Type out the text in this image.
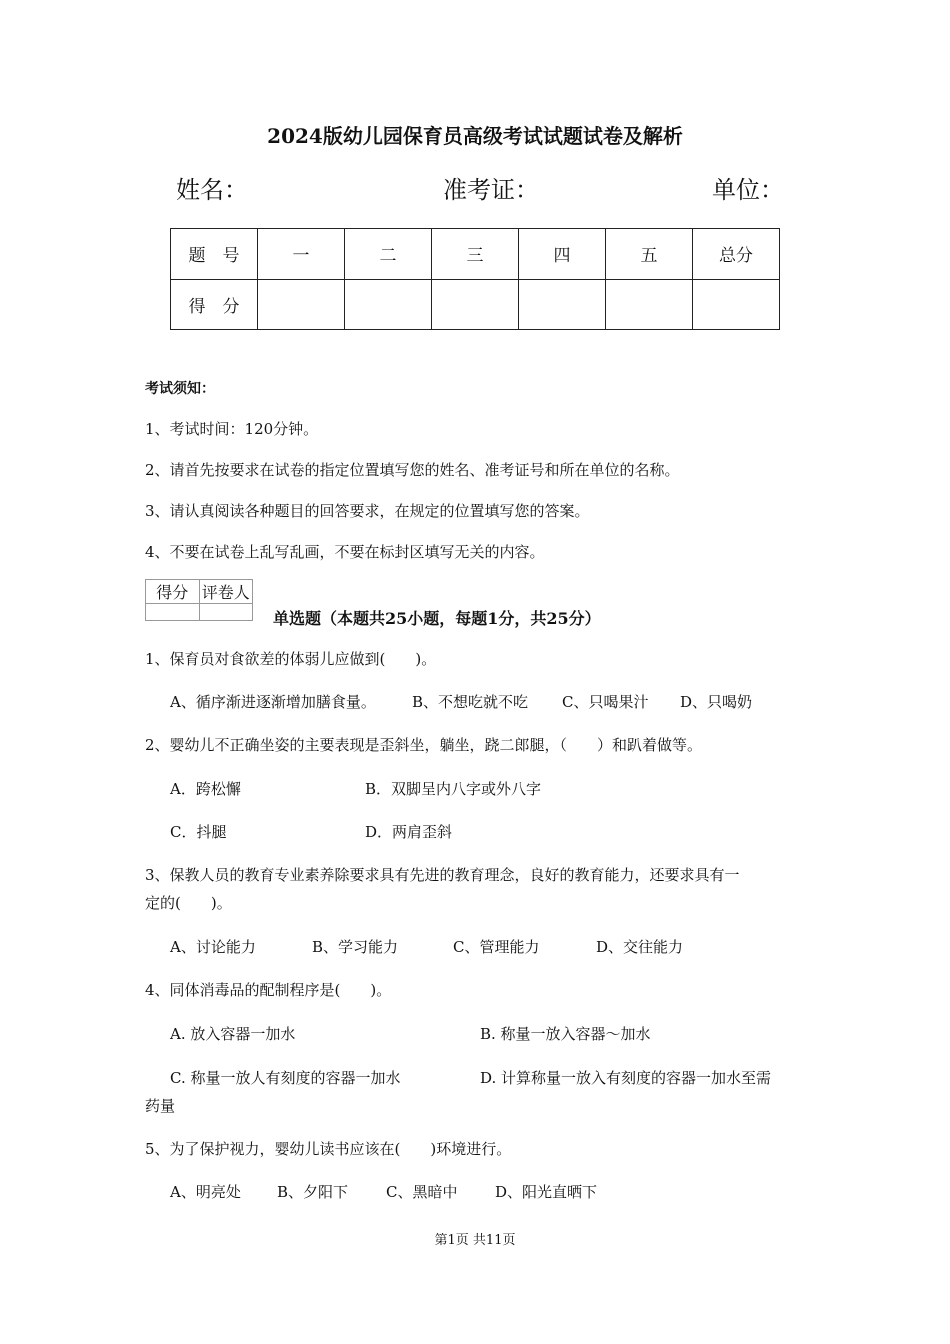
2024版幼儿园保育员高级考试试题试卷及解析
姓名：	准考证：	单位：
题　号	一	二	三	四	五	总分
得　分						
考试须知：
1、考试时间：120分钟。
2、请首先按要求在试卷的指定位置填写您的姓名、准考证号和所在单位的名称。
3、请认真阅读各种题目的回答要求，在规定的位置填写您的答案。
4、不要在试卷上乱写乱画，不要在标封区填写无关的内容。
得分	评卷人

单选题（本题共25小题，每题1分，共25分）
1、保育员对食欲差的体弱儿应做到(　　)。
A、循序渐进逐渐增加膳食量。 B、不想吃就不吃 C、只喝果汁 D、只喝奶
2、婴幼儿不正确坐姿的主要表现是歪斜坐，躺坐，跷二郎腿，（　　）和趴着做等。
A．跨松懈	B．双脚呈内八字或外八字
C．抖腿	D．两肩歪斜
3、保教人员的教育专业素养除要求具有先进的教育理念，良好的教育能力，还要求具有一
定的(　　)。
A、讨论能力	B、学习能力	C、管理能力	D、交往能力
4、同体消毒品的配制程序是(　　)。
A. 放入容器一加水	B. 称量一放入容器～加水
C. 称量一放人有刻度的容器一加水	D. 计算称量一放入有刻度的容器一加水至需
药量
5、为了保护视力，婴幼儿读书应该在(　　)环境进行。
A、明亮处 B、夕阳下	C、黑暗中	D、阳光直晒下
第1页 共11页
